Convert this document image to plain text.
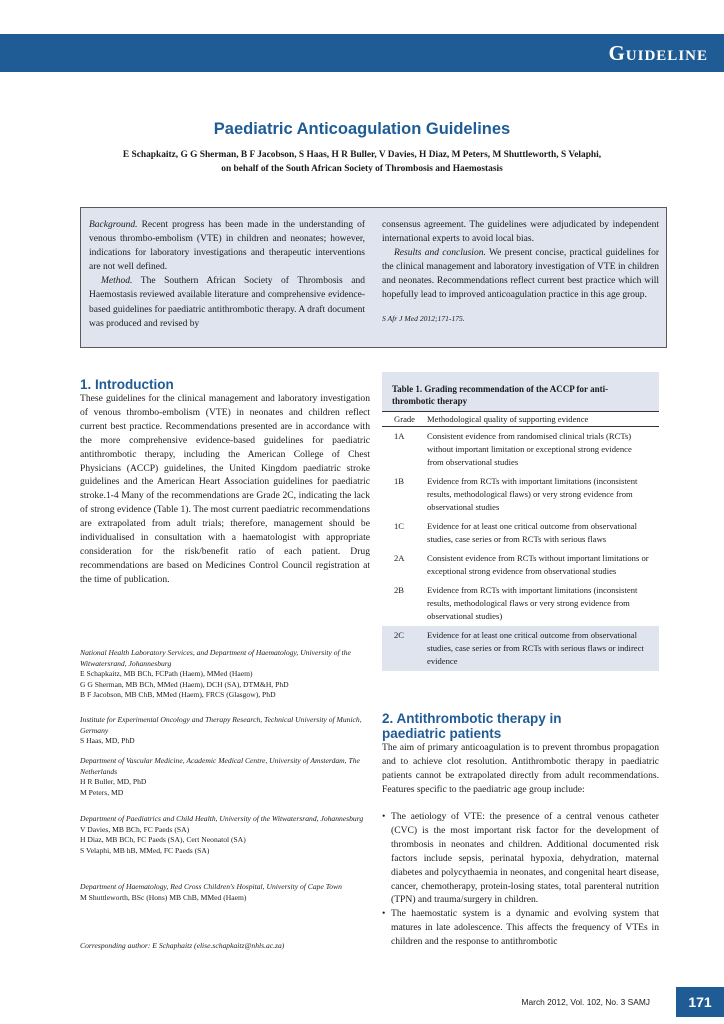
Guideline
Paediatric Anticoagulation Guidelines
E Schapkaitz, G G Sherman, B F Jacobson, S Haas, H R Buller, V Davies, H Diaz, M Peters, M Shuttleworth, S Velaphi,
on behalf of the South African Society of Thrombosis and Haemostasis

Background. Recent progress has been made in the understanding of venous thrombo-embolism (VTE) in children and neonates; however, indications for laboratory investigations and therapeutic interventions are not well defined.

Method. The Southern African Society of Thrombosis and Haemostasis reviewed available literature and comprehensive evidence-based guidelines for paediatric antithrombotic therapy. A draft document was produced and revised by

consensus agreement. The guidelines were adjudicated by independent international experts to avoid local bias.

Results and conclusion. We present concise, practical guidelines for the clinical management and laboratory investigation of VTE in children and neonates. Recommendations reflect current best practice which will hopefully lead to improved anticoagulation practice in this age group.

S Afr J Med 2012;171-175.

1. Introduction

These guidelines for the clinical management and laboratory investigation of venous thrombo-embolism (VTE) in neonates and children reflect current best practice. Recommendations presented are in accordance with the more comprehensive evidence-based guidelines for paediatric antithrombotic therapy, including the American College of Chest Physicians (ACCP) guidelines, the United Kingdom paediatric stroke guidelines and the American Heart Association guidelines for paediatric stroke.1-4 Many of the recommendations are Grade 2C, indicating the lack of strong evidence (Table 1). The most current paediatric recommendations are extrapolated from adult trials; therefore, management should be individualised in consultation with a haematologist with appropriate consideration for the risk/benefit ratio of each patient. Drug recommendations are based on Medicines Control Council registration at the time of publication.

National Health Laboratory Services, and Department of Haematology, University of the Witwatersrand, Johannesburg
E Schapkaitz, MB BCh, FCPath (Haem), MMed (Haem)
G G Sherman, MB BCh, MMed (Haem), DCH (SA), DTM&H, PhD
B F Jacobson, MB ChB, MMed (Haem), FRCS (Glasgow), PhD
Institute for Experimental Oncology and Therapy Research, Technical University of Munich, Germany
S Haas, MD, PhD
Department of Vascular Medicine, Academic Medical Centre, University of Amsterdam, The Netherlands
H R Buller, MD, PhD
M Peters, MD
Department of Paediatrics and Child Health, University of the Witwatersrand, Johannesburg
V Davies, MB BCh, FC Paeds (SA)
H Diaz, MB BCh, FC Paeds (SA), Cert Neonatol (SA)
S Velaphi, MB hB, MMed, FC Paeds (SA)
Department of Haematology, Red Cross Children's Hospital, University of Cape Town
M Shuttleworth, BSc (Hons) MB ChB, MMed (Haem)
Corresponding author: E Schaphaitz (elise.schapkaitz@nhls.ac.za)
Table 1. Grading recommendation of the ACCP for anti-thrombotic therapy
Grade	Methodological quality of supporting evidence
1A	Consistent evidence from randomised clinical trials (RCTs) without important limitation or exceptional strong evidence from observational studies
1B	Evidence from RCTs with important limitations (inconsistent results, methodological flaws) or very strong evidence from observational studies
1C	Evidence for at least one critical outcome from observational studies, case series or from RCTs with serious flaws
2A	Consistent evidence from RCTs without important limitations or exceptional strong evidence from observational studies
2B	Evidence from RCTs with important limitations (inconsistent results, methodological flaws or very strong evidence from observational studies)
2C	Evidence for at least one critical outcome from observational studies, case series or from RCTs with serious flaws or indirect evidence
2. Antithrombotic therapy in
paediatric patients

The aim of primary anticoagulation is to prevent thrombus propagation and to achieve clot resolution. Antithrombotic therapy in paediatric patients cannot be extrapolated directly from adult recommendations. Features specific to the paediatric age group include:

• The aetiology of VTE: the presence of a central venous catheter (CVC) is the most important risk factor for the development of thrombosis in neonates and children. Additional documented risk factors include sepsis, perinatal hypoxia, dehydration, maternal diabetes and polycythaemia in neonates, and congenital heart disease, cancer, chemotherapy, protein-losing states, total parenteral nutrition (TPN) and trauma/surgery in children.
• The haemostatic system is a dynamic and evolving system that matures in late adolescence. This affects the frequency of VTEs in children and the response to antithrombotic
March 2012, Vol. 102, No. 3 SAMJ	171
